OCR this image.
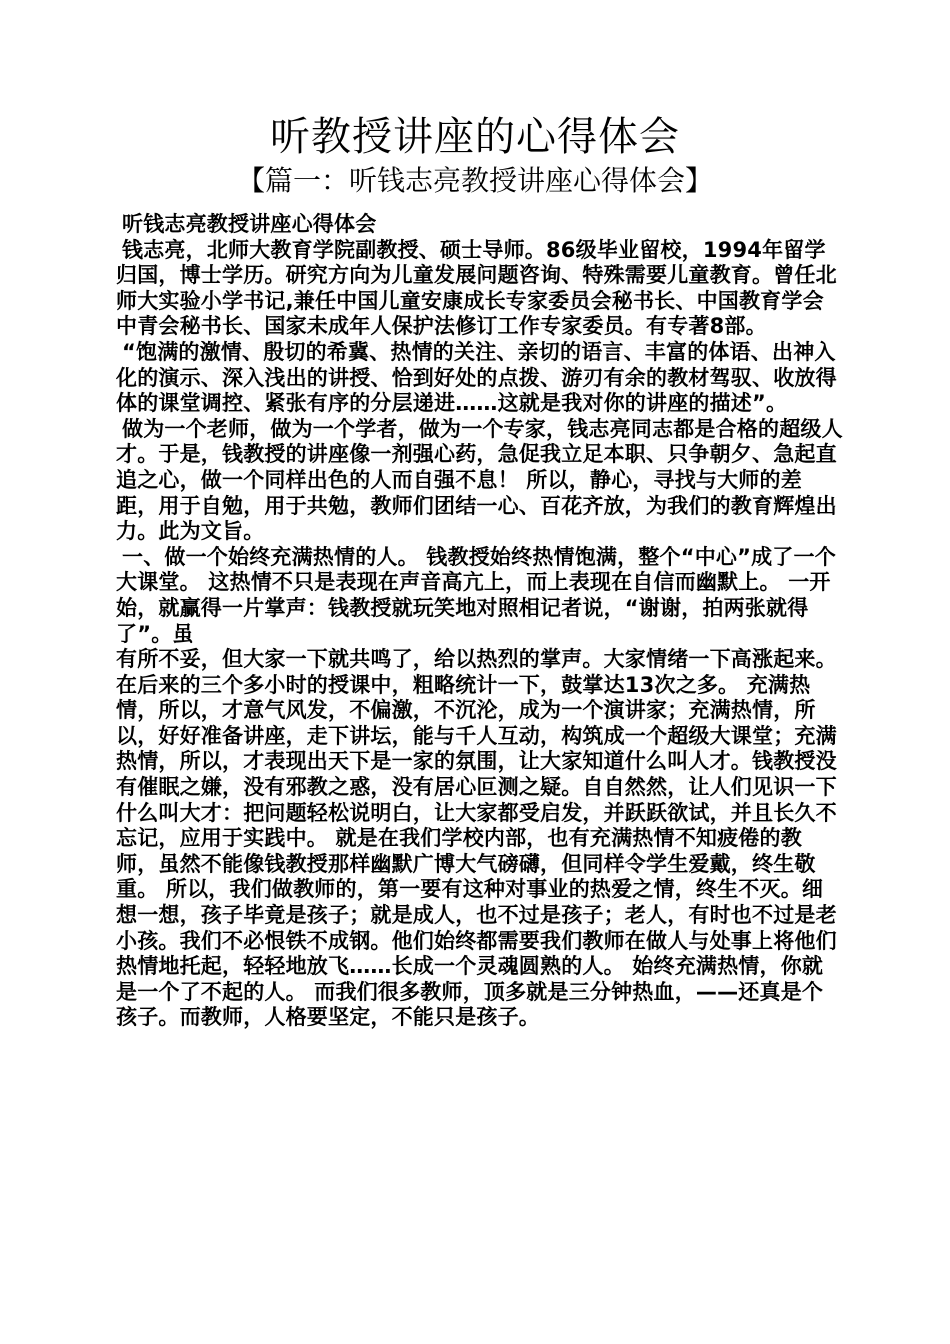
听教授讲座的心得体会
【篇一：听钱志亮教授讲座心得体会】

听钱志亮教授讲座心得体会

钱志亮，北师大教育学院副教授、硕士导师。86级毕业留校，1994年留学归国，博士学历。研究方向为儿童发展问题咨询、特殊需要儿童教育。曾任北师大实验小学书记,兼任中国儿童安康成长专家委员会秘书长、中国教育学会中青会秘书长、国家未成年人保护法修订工作专家委员。有专著8部。

“饱满的激情、殷切的希冀、热情的关注、亲切的语言、丰富的体语、出神入化的演示、深入浅出的讲授、恰到好处的点拨、游刃有余的教材驾驭、收放得体的课堂调控、紧张有序的分层递进……这就是我对你的讲座的描述”。

做为一个老师，做为一个学者，做为一个专家，钱志亮同志都是合格的超级人才。于是，钱教授的讲座像一剂强心药，急促我立足本职、只争朝夕、急起直追之心，做一个同样出色的人而自强不息！ 所以，静心，寻找与大师的差距，用于自勉，用于共勉，教师们团结一心、百花齐放，为我们的教育辉煌出力。此为文旨。

一、做一个始终充满热情的人。 钱教授始终热情饱满，整个“中心”成了一个大课堂。 这热情不只是表现在声音高亢上，而上表现在自信而幽默上。 一开始，就赢得一片掌声：钱教授就玩笑地对照相记者说，“谢谢，拍两张就得了”。虽

有所不妥，但大家一下就共鸣了，给以热烈的掌声。大家情绪一下高涨起来。 在后来的三个多小时的授课中，粗略统计一下，鼓掌达13次之多。 充满热情，所以，才意气风发，不偏激，不沉沦，成为一个演讲家；充满热情，所以，好好准备讲座，走下讲坛，能与千人互动，构筑成一个超级大课堂；充满热情，所以，才表现出天下是一家的氛围，让大家知道什么叫人才。钱教授没有催眠之嫌，没有邪教之惑，没有居心叵测之疑。自自然然，让人们见识一下什么叫大才：把问题轻松说明白，让大家都受启发，并跃跃欲试，并且长久不忘记，应用于实践中。 就是在我们学校内部，也有充满热情不知疲倦的教师，虽然不能像钱教授那样幽默广博大气磅礴，但同样令学生爱戴，终生敬重。 所以，我们做教师的，第一要有这种对事业的热爱之情，终生不灭。细想一想，孩子毕竟是孩子；就是成人，也不过是孩子；老人，有时也不过是老小孩。我们不必恨铁不成钢。他们始终都需要我们教师在做人与处事上将他们热情地托起，轻轻地放飞……长成一个灵魂圆熟的人。 始终充满热情，你就是一个了不起的人。 而我们很多教师，顶多就是三分钟热血，——还真是个孩子。而教师，人格要坚定，不能只是孩子。
